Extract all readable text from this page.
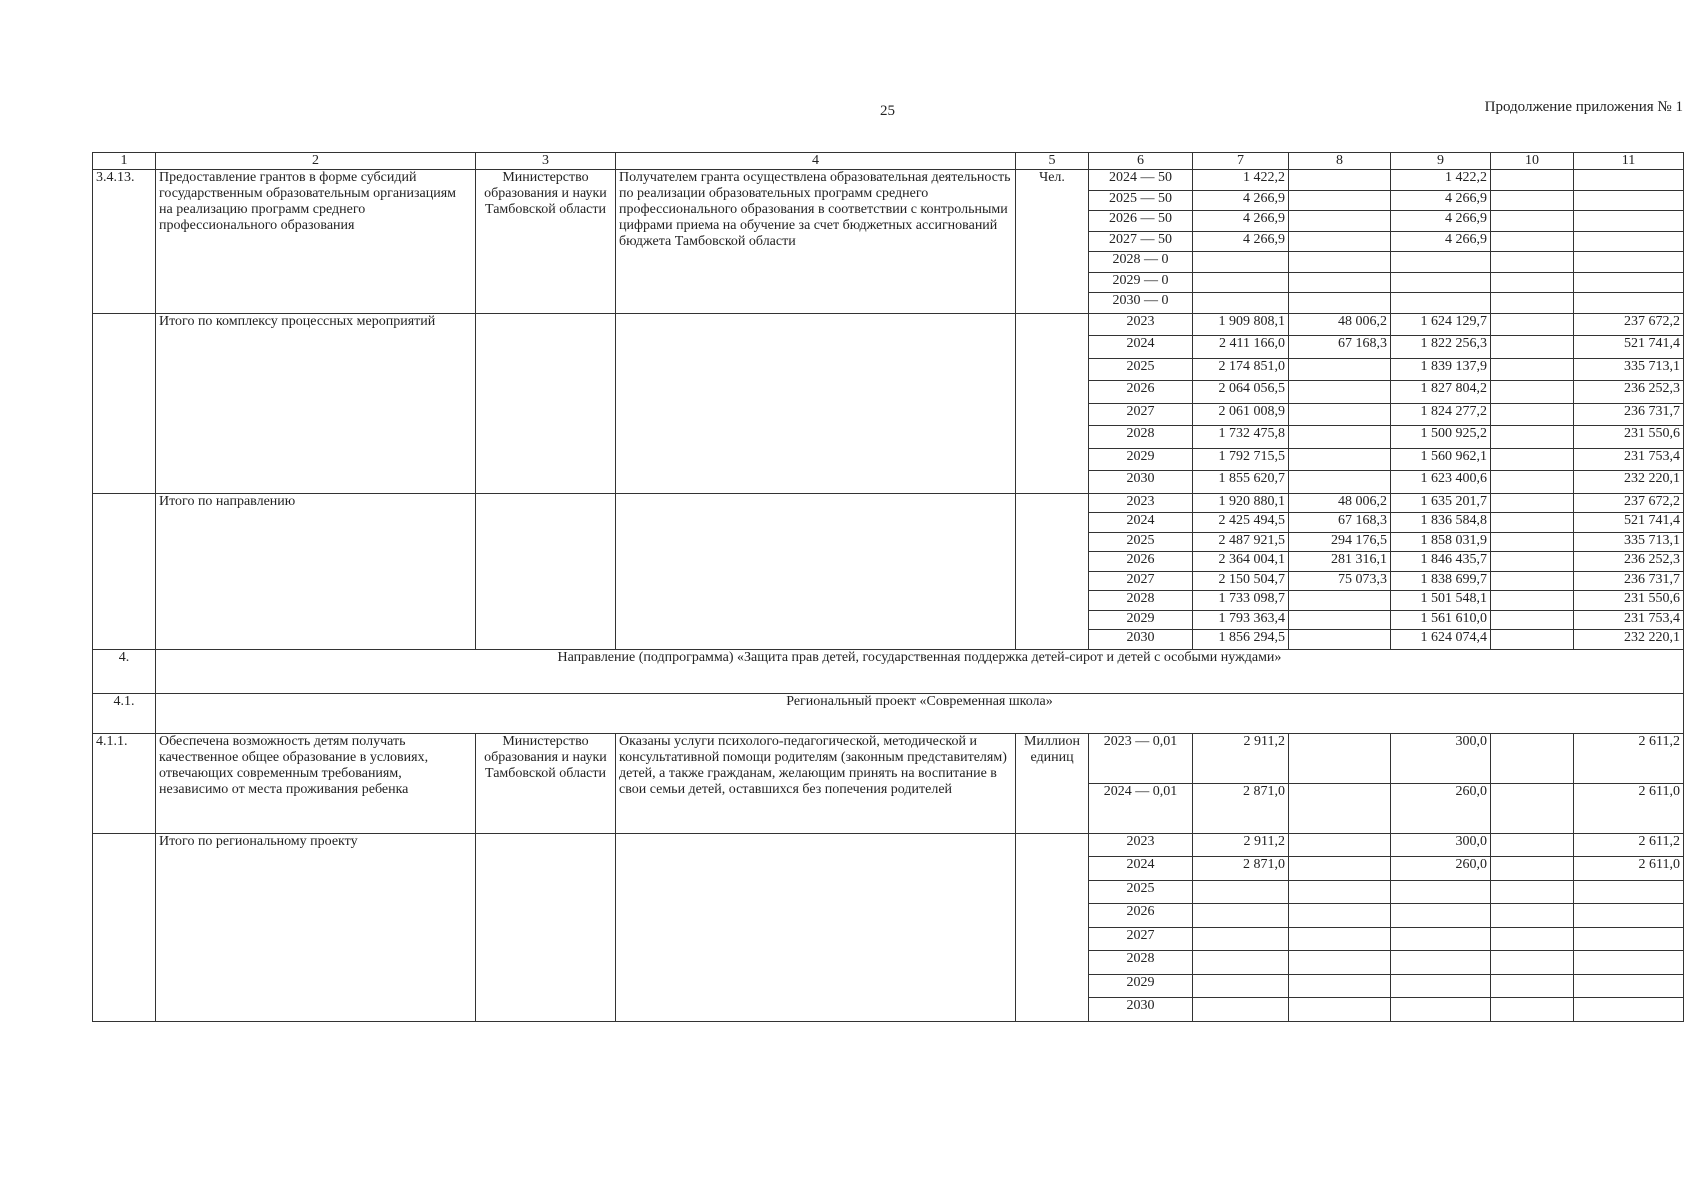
25	Продолжение приложения № 1
1	2	3	4	5	6	7	8	9	10	11
3.4.13.	Предоставление грантов в форме субсидий государственным образовательным организациям на реализацию программ среднего профессионального образования	Министерство образования и науки Тамбовской области	Получателем гранта осуществлена образовательная деятельность по реализации образовательных программ среднего профессионального образования в соответствии с контрольными цифрами приема на обучение за счет бюджетных ассигнований бюджета Тамбовской области	Чел.	2024 — 50	1 422,2		1 422,2		
					2025 — 50	4 266,9		4 266,9		
					2026 — 50	4 266,9		4 266,9		
					2027 — 50	4 266,9		4 266,9		
					2028 — 0					
					2029 — 0					
					2030 — 0					
	Итого по комплексу процессных мероприятий				2023	1 909 808,1	48 006,2	1 624 129,7		237 672,2
					2024	2 411 166,0	67 168,3	1 822 256,3		521 741,4
					2025	2 174 851,0		1 839 137,9		335 713,1
					2026	2 064 056,5		1 827 804,2		236 252,3
					2027	2 061 008,9		1 824 277,2		236 731,7
					2028	1 732 475,8		1 500 925,2		231 550,6
					2029	1 792 715,5		1 560 962,1		231 753,4
					2030	1 855 620,7		1 623 400,6		232 220,1
	Итого по направлению				2023	1 920 880,1	48 006,2	1 635 201,7		237 672,2
					2024	2 425 494,5	67 168,3	1 836 584,8		521 741,4
					2025	2 487 921,5	294 176,5	1 858 031,9		335 713,1
					2026	2 364 004,1	281 316,1	1 846 435,7		236 252,3
					2027	2 150 504,7	75 073,3	1 838 699,7		236 731,7
					2028	1 733 098,7		1 501 548,1		231 550,6
					2029	1 793 363,4		1 561 610,0		231 753,4
					2030	1 856 294,5		1 624 074,4		232 220,1
4.	Направление (подпрограмма) «Защита прав детей, государственная поддержка детей-сирот и детей с особыми нуждами»									
4.1.	Региональный проект «Современная школа»									
4.1.1.	Обеспечена возможность детям получать качественное общее образование в условиях, отвечающих современным требованиям, независимо от места проживания ребенка	Министерство образования и науки Тамбовской области	Оказаны услуги психолого-педагогической, методической и консультативной помощи родителям (законным представителям) детей, а также гражданам, желающим принять на воспитание в свои семьи детей, оставшихся без попечения родителей	Миллион единиц	2023 — 0,01	2 911,2		300,0		2 611,2
					2024 — 0,01	2 871,0		260,0		2 611,0
	Итого по региональному проекту				2023	2 911,2		300,0		2 611,2
					2024	2 871,0		260,0		2 611,0
					2025					
					2026					
					2027					
					2028					
					2029					
					2030					
